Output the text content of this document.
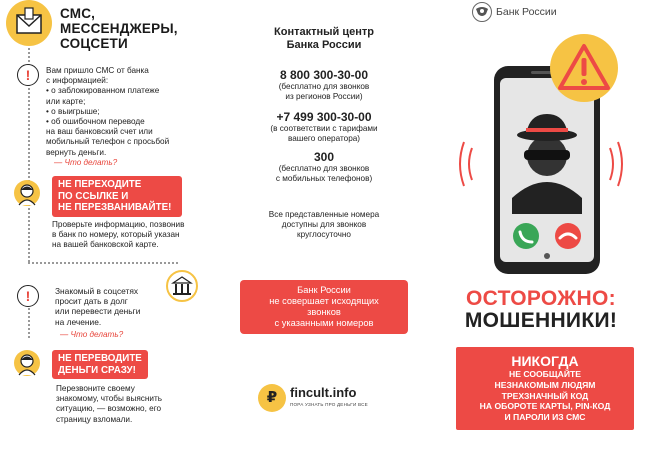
СМС,
МЕССЕНДЖЕРЫ,
СОЦСЕТИ
!	Вам пришло СМС от банка
с информацией:
• о заблокированном платеже
или карте;
• о выигрыше;
• об ошибочном переводе
на ваш банковский счет или
мобильный телефон с просьбой
вернуть деньги.
— Что делать?
НЕ ПЕРЕХОДИТЕ
ПО ССЫЛКЕ И
НЕ ПЕРЕЗВАНИВАЙТЕ!
Проверьте информацию, позвонив
в банк по номеру, который указан
на вашей банковской карте.
!	Знакомый в соцсетях
просит дать в долг
или перевести деньги
на лечение.
— Что делать?
НЕ ПЕРЕВОДИТЕ
ДЕНЬГИ СРАЗУ!
Перезвоните своему
знакомому, чтобы выяснить
ситуацию, — возможно, его
страницу взломали.
Контактный центр
Банка России
8 800 300-30-00
(бесплатно для звонков
из регионов России)
+7 499 300-30-00
(в соответствии с тарифами
вашего оператора)
300
(бесплатно для звонков
с мобильных телефонов)
Все представленные номера
доступны для звонков
круглосуточно
Банк России
не совершает исходящих
звонков
с указанными номеров
₽ fincult.info
ПОРА УЗНАТЬ ПРО ДЕНЬГИ ВСЕ
Банк России
ОСТОРОЖНО:
МОШЕННИКИ!
НИКОГДА
НЕ СООБЩАЙТЕ
НЕЗНАКОМЫМ ЛЮДЯМ
ТРЕХЗНАЧНЫЙ КОД
НА ОБОРОТЕ КАРТЫ, PIN-КОД
И ПАРОЛИ ИЗ СМС
